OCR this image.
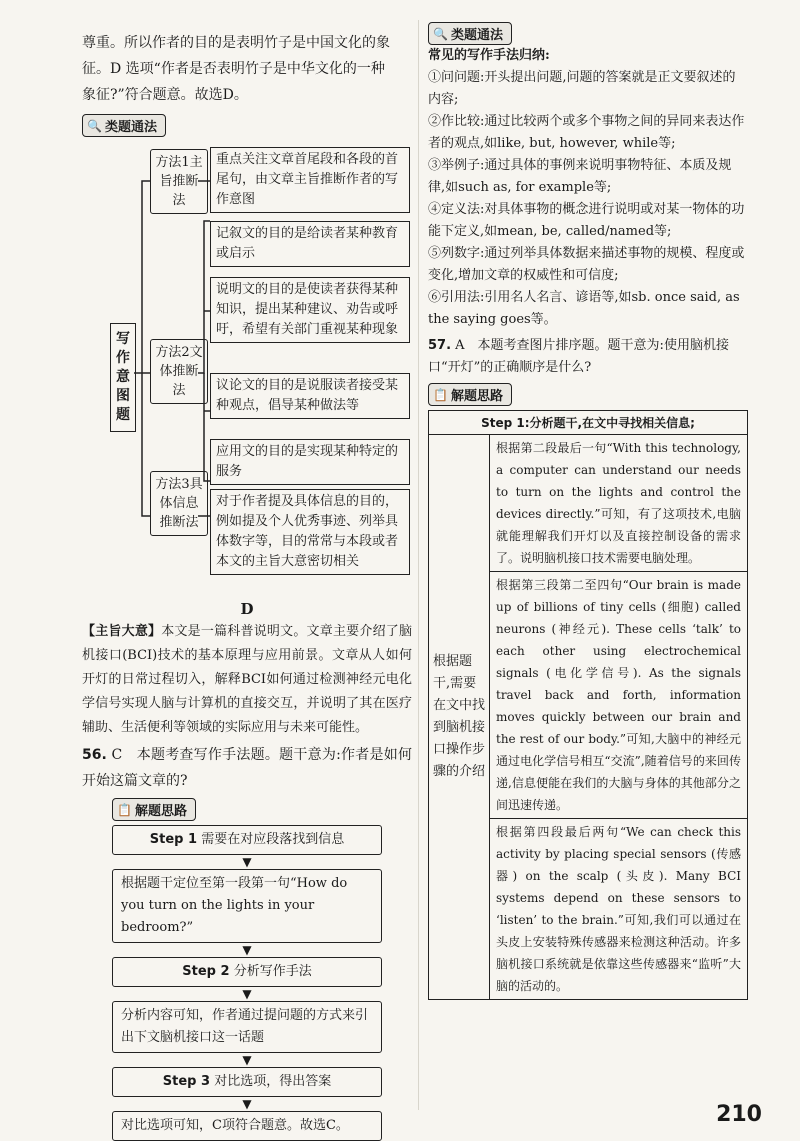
尊重。所以作者的目的是表明竹子是中国文化的象

征。D 选项“作者是否表明竹子是中华文化的一种

象征?”符合题意。故选D。

🔍 类题通法
写作意图题
方法1主旨推断法
方法2文体推断法
方法3具体信息推断法
重点关注文章首尾段和各段的首尾句，由文章主旨推断作者的写作意图
记叙文的目的是给读者某种教育或启示
说明文的目的是使读者获得某种知识，提出某种建议、劝告或呼吁，希望有关部门重视某种现象
议论文的目的是说服读者接受某种观点，倡导某种做法等
应用文的目的是实现某种特定的服务
对于作者提及具体信息的目的，例如提及个人优秀事迹、列举具体数字等，目的常常与本段或者本文的主旨大意密切相关
D

【主旨大意】本文是一篇科普说明文。文章主要介绍了脑机接口(BCI)技术的基本原理与应用前景。文章从人如何开灯的日常过程切入，解释BCI如何通过检测神经元电化学信号实现人脑与计算机的直接交互，并说明了其在医疗辅助、生活便利等领域的实际应用与未来可能性。

56. C　本题考查写作手法题。题干意为:作者是如何开始这篇文章的?

📋 解题思路
Step 1 需要在对应段落找到信息
▼
根据题干定位至第一段第一句“How do you turn on the lights in your bedroom?”
▼
Step 2 分析写作手法
▼
分析内容可知，作者通过提问题的方式来引出下文脑机接口这一话题
▼
Step 3 对比选项，得出答案
▼
对比选项可知，C项符合题意。故选C。
🔍 类题通法

常见的写作手法归纳:

①问问题:开头提出问题,问题的答案就是正文要叙述的内容;

②作比较:通过比较两个或多个事物之间的异同来表达作者的观点,如like, but, however, while等;

③举例子:通过具体的事例来说明事物特征、本质及规律,如such as, for example等;

④定义法:对具体事物的概念进行说明或对某一物体的功能下定义,如mean, be, called/named等;

⑤列数字:通过列举具体数据来描述事物的规模、程度或变化,增加文章的权威性和可信度;

⑥引用法:引用名人名言、谚语等,如sb. once said, as the saying goes等。

57. A　本题考查图片排序题。题干意为:使用脑机接口“开灯”的正确顺序是什么?

📋 解题思路
Step 1:分析题干,在文中寻找相关信息;
根据题干,需要在文中找到脑机接口操作步骤的介绍	根据第二段最后一句“With this technology, a computer can understand our needs to turn on the lights and control the devices directly.”可知，有了这项技术,电脑就能理解我们开灯以及直接控制设备的需求了。说明脑机接口技术需要电脑处理。
根据第三段第二至四句“Our brain is made up of billions of tiny cells (细胞) called neurons (神经元). These cells ‘talk’ to each other using electrochemical signals (电化学信号). As the signals travel back and forth, information moves quickly between our brain and the rest of our body.”可知,大脑中的神经元通过电化学信号相互“交流”,随着信号的来回传递,信息便能在我们的大脑与身体的其他部分之间迅速传递。
根据第四段最后两句“We can check this activity by placing special sensors (传感器) on the scalp (头皮). Many BCI systems depend on these sensors to ‘listen’ to the brain.”可知,我们可以通过在头皮上安装特殊传感器来检测这种活动。许多脑机接口系统就是依靠这些传感器来“监听”大脑的活动的。
210
